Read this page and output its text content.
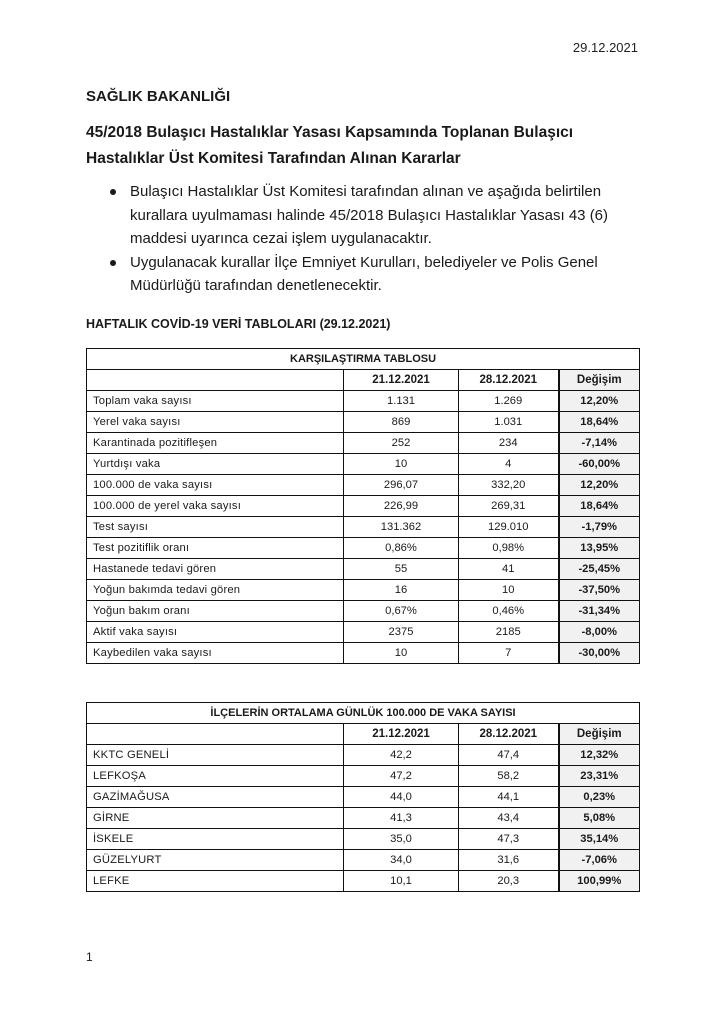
29.12.2021
SAĞLIK BAKANLIĞI
45/2018 Bulaşıcı Hastalıklar Yasası Kapsamında Toplanan Bulaşıcı Hastalıklar Üst Komitesi Tarafından Alınan Kararlar
Bulaşıcı Hastalıklar Üst Komitesi tarafından alınan ve aşağıda belirtilen kurallara uyulmaması halinde 45/2018 Bulaşıcı Hastalıklar Yasası 43 (6) maddesi uyarınca cezai işlem uygulanacaktır.
Uygulanacak kurallar İlçe Emniyet Kurulları, belediyeler ve Polis Genel Müdürlüğü tarafından denetlenecektir.
HAFTALIK COVİD-19 VERİ TABLOLARI (29.12.2021)
KARŞILAŞTIRMA TABLOSU			
	21.12.2021	28.12.2021	Değişim
Toplam vaka sayısı	1.131	1.269	12,20%
Yerel vaka sayısı	869	1.031	18,64%
Karantinada pozitifleşen	252	234	-7,14%
Yurtdışı vaka	10	4	-60,00%
100.000 de vaka sayısı	296,07	332,20	12,20%
100.000 de yerel vaka sayısı	226,99	269,31	18,64%
Test sayısı	131.362	129.010	-1,79%
Test pozitiflik oranı	0,86%	0,98%	13,95%
Hastanede tedavi gören	55	41	-25,45%
Yoğun bakımda tedavi gören	16	10	-37,50%
Yoğun bakım oranı	0,67%	0,46%	-31,34%
Aktif vaka sayısı	2375	2185	-8,00%
Kaybedilen vaka sayısı	10	7	-30,00%
İLÇELERİN ORTALAMA GÜNLÜK 100.000 DE VAKA SAYISI			
	21.12.2021	28.12.2021	Değişim
KKTC GENELİ	42,2	47,4	12,32%
LEFKOŞA	47,2	58,2	23,31%
GAZİMAĞUSA	44,0	44,1	0,23%
GİRNE	41,3	43,4	5,08%
İSKELE	35,0	47,3	35,14%
GÜZELYURT	34,0	31,6	-7,06%
LEFKE	10,1	20,3	100,99%
1
